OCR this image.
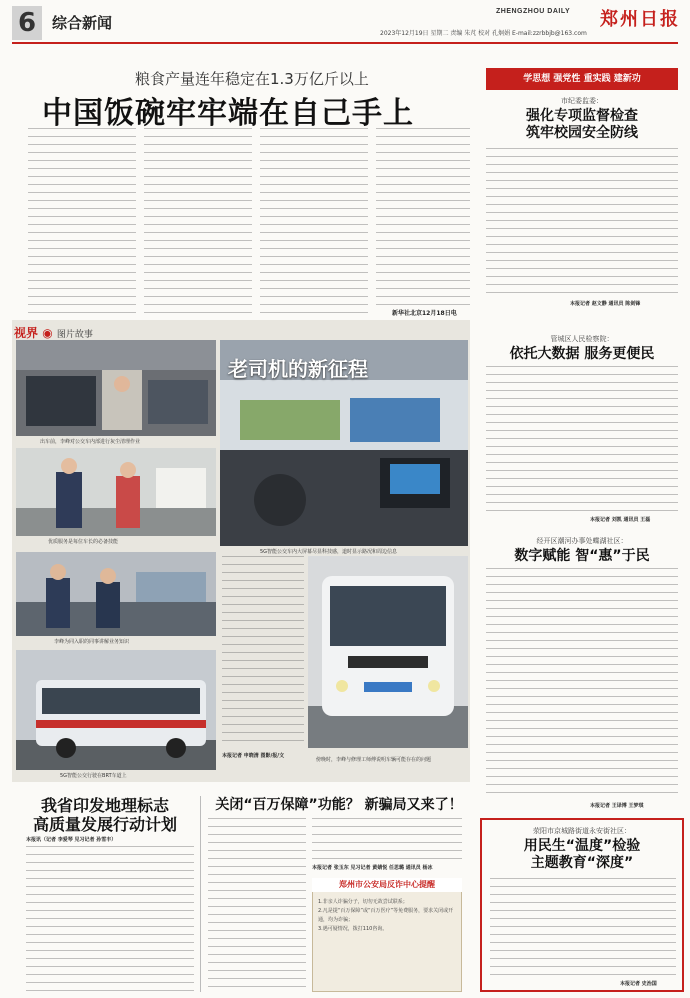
6	综合新闻
ZHENGZHOU DAILY 郑州日报
2023年12月19日 星期二 责编 朱芃 校对 孔炯娟 E-mail:zzrbbjb@163.com
粮食产量连年稳定在1.3万亿斤以上
中国饭碗牢牢端在自己手上
新华社北京12月18日电
视界 ◉ 图片故事
出车前，李峰对公交车内部进行灰尘清理作业
老司机的新征程
5G智能公交车内大屏幕尽显科技感，道时显示路况和周边信息
优质服务是每位车长的必备技能
李峰为同入职的同事讲解业务知识
5G智能公交行驶在BRT车道上
本报记者 申晓清 图影/报/文
傍晚时，李峰与修理工师傅说明车辆可能存在的问题
学思想 强党性 重实践 建新功
市纪委监委：
强化专项监督检查
筑牢校园安全防线
本报记者 赵文静 通讯员 陈剑锋
管城区人民检察院：
依托大数据 服务更便民
本报记者 刘凯 通讯员 王磊
经开区潮河办事处蝶湖社区：
数字赋能 智“惠”于民
本报记者 王译博 王梦琪
荥阳市京城路街道永安街社区：
用民生“温度”检验
主题教育“深度”
本报记者 史治国
我省印发地理标志
高质量发展行动计划
本报讯（记者 李爱琴 见习记者 孙雪丰）
关闭“百万保障”功能？ 新骗局又来了！
本报记者 张玉东 见习记者 黄婧悦 任思璐 通讯员 杨冰
郑州市公安局反诈中心提醒
1.非亲人诈骗分子，切勿无故尝试联系；
2.凡是提“百万保障”或“百万医疗”等免费服务，要求关闭或开通，均为诈骗；
3.遇可疑情况，拨打110咨询。
